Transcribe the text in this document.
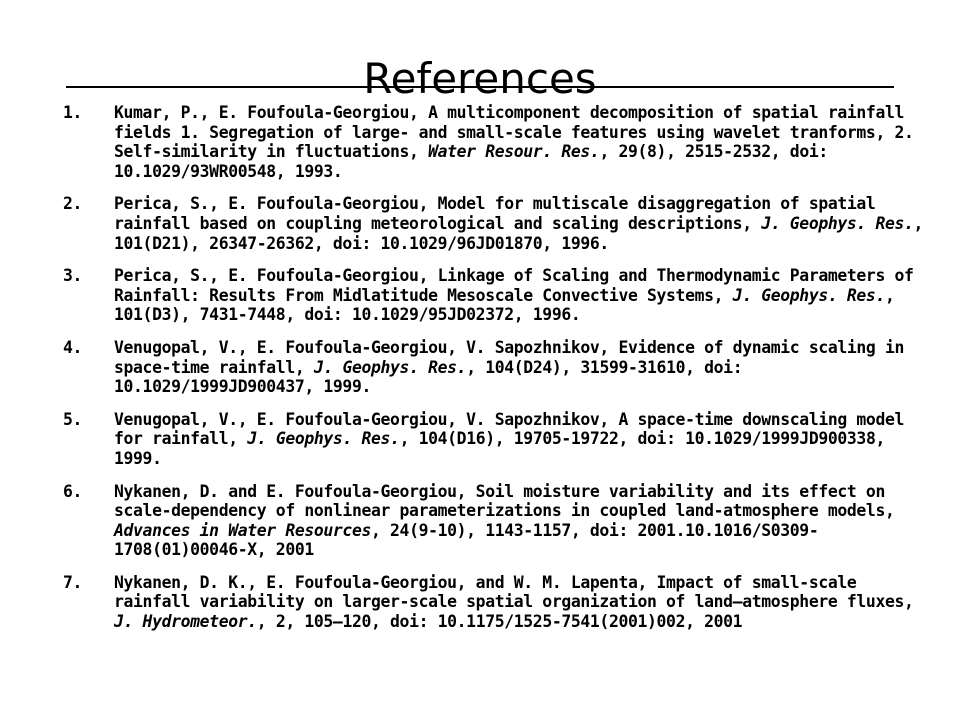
References
1. Kumar, P., E. Foufoula-Georgiou, A multicomponent decomposition of spatial rainfall fields 1. Segregation of large- and small-scale features using wavelet tranforms, 2. Self-similarity in fluctuations, Water Resour. Res., 29(8), 2515-2532, doi: 10.1029/93WR00548, 1993.
2. Perica, S., E. Foufoula-Georgiou, Model for multiscale disaggregation of spatial rainfall based on coupling meteorological and scaling descriptions, J. Geophys. Res., 101(D21), 26347-26362, doi: 10.1029/96JD01870, 1996.
3. Perica, S., E. Foufoula-Georgiou, Linkage of Scaling and Thermodynamic Parameters of Rainfall: Results From Midlatitude Mesoscale Convective Systems, J. Geophys. Res., 101(D3), 7431-7448, doi: 10.1029/95JD02372, 1996.
4. Venugopal, V., E. Foufoula-Georgiou, V. Sapozhnikov, Evidence of dynamic scaling in space-time rainfall, J. Geophys. Res., 104(D24), 31599-31610, doi: 10.1029/1999JD900437, 1999.
5. Venugopal, V., E. Foufoula-Georgiou, V. Sapozhnikov, A space-time downscaling model for rainfall, J. Geophys. Res., 104(D16), 19705-19722, doi: 10.1029/1999JD900338, 1999.
6. Nykanen, D. and E. Foufoula-Georgiou, Soil moisture variability and its effect on scale-dependency of nonlinear parameterizations in coupled land-atmosphere models, Advances in Water Resources, 24(9-10), 1143-1157, doi: 2001.10.1016/S0309-1708(01)00046-X, 2001
7. Nykanen, D. K., E. Foufoula-Georgiou, and W. M. Lapenta, Impact of small-scale rainfall variability on larger-scale spatial organization of land–atmosphere fluxes, J. Hydrometeor., 2, 105–120, doi: 10.1175/1525-7541(2001)002, 2001
